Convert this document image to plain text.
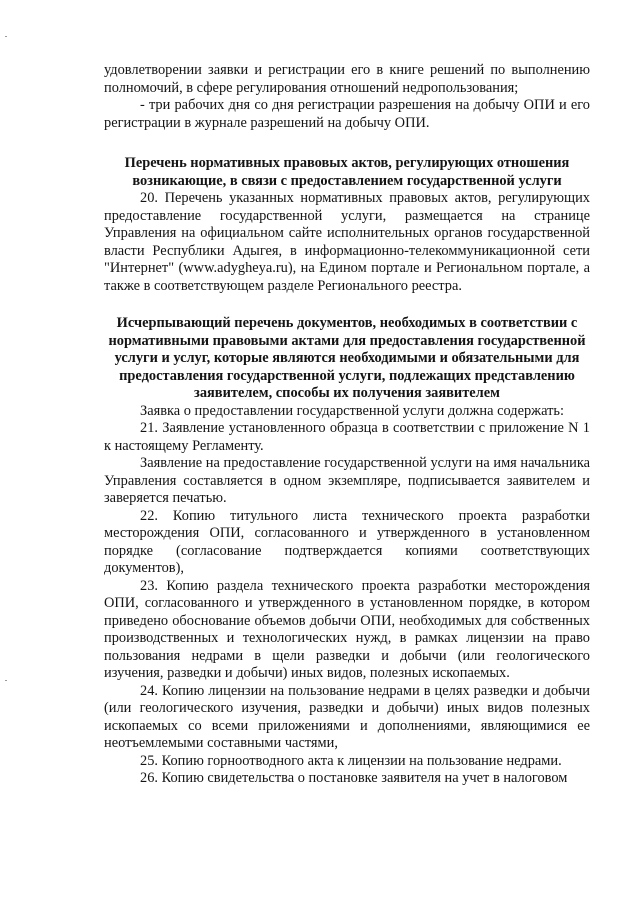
удовлетворении заявки и регистрации его в книге решений по выполнению полномочий, в сфере регулирования отношений недропользования;

- три рабочих дня со дня регистрации разрешения на добычу ОПИ и его регистрации в журнале разрешений на добычу ОПИ.

Перечень нормативных правовых актов, регулирующих отношения возникающие, в связи с предоставлением государственной услуги

20. Перечень указанных нормативных правовых актов, регулирующих предоставление государственной услуги, размещается на странице Управления на официальном сайте исполнительных органов государственной власти Республики Адыгея, в информационно-телекоммуникационной сети "Интернет" (www.adygheya.ru), на Едином портале и Региональном портале, а также в соответствующем разделе Регионального реестра.

Исчерпывающий перечень документов, необходимых в соответствии с нормативными правовыми актами для предоставления государственной услуги и услуг, которые являются необходимыми и обязательными для предоставления государственной услуги, подлежащих представлению заявителем, способы их получения заявителем

Заявка о предоставлении государственной услуги должна содержать:

21. Заявление установленного образца в соответствии с приложение N 1 к настоящему Регламенту.

Заявление на предоставление государственной услуги на имя начальника Управления составляется в одном экземпляре, подписывается заявителем и заверяется печатью.

22. Копию титульного листа технического проекта разработки месторождения ОПИ, согласованного и утвержденного в установленном порядке (согласование подтверждается копиями соответствующих документов),

23. Копию раздела технического проекта разработки месторождения ОПИ, согласованного и утвержденного в установленном порядке, в котором приведено обоснование объемов добычи ОПИ, необходимых для собственных производственных и технологических нужд, в рамках лицензии на право пользования недрами в щели разведки и добычи (или геологического изучения, разведки и добычи) иных видов, полезных ископаемых.

24. Копию лицензии на пользование недрами в целях разведки и добычи (или геологического изучения, разведки и добычи) иных видов полезных ископаемых со всеми приложениями и дополнениями, являющимися ее неотъемлемыми составными частями,

25. Копию горноотводного акта к лицензии на пользование недрами.

26. Копию свидетельства о постановке заявителя на учет в налоговом
